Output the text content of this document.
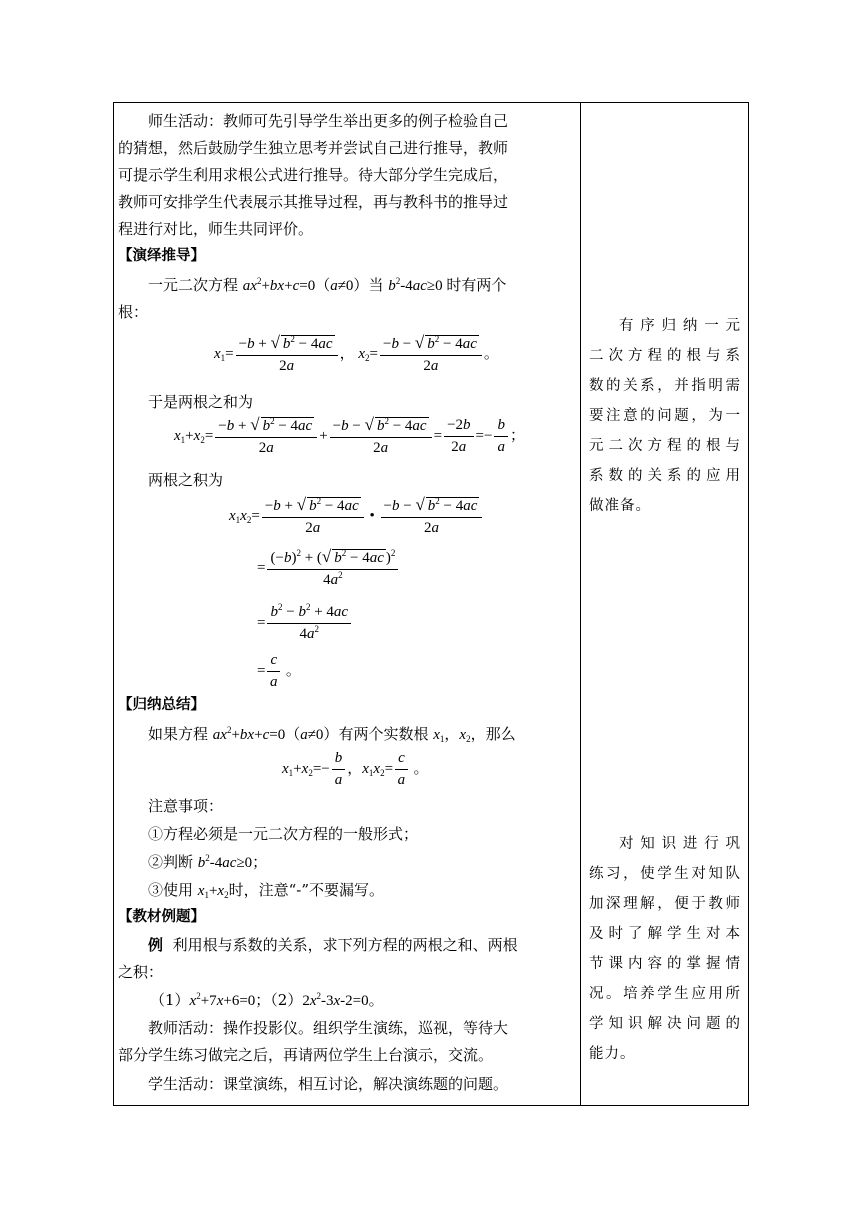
师生活动：教师可先引导学生举出更多的例子检验自己
的猜想，然后鼓励学生独立思考并尝试自己进行推导，教师
可提示学生利用求根公式进行推导。待大部分学生完成后，
教师可安排学生代表展示其推导过程，再与教科书的推导过
程进行对比，师生共同评价。
【演绎推导】
一元二次方程 $ax^2+bx+c=0(a\ne 0)$当 $b^2-4ac\ge 0$ 时有两个
根：
$x_1= \frac{-b + √ b^2 - 4ac}{2a}$ ， $x_2= \frac{-b - √ b^2 - 4ac}{2a}$ 。
于是两根之和为
$x_1+x_2= \frac{-b + √ b^2 - 4ac}{2a} + \frac{-b - √ b^2 - 4ac}{2a} = \frac{-2b}{2a} =- \frac{b}{a}$ ；
两根之积为
$x_1x_2= \frac{-b + √ b^2 - 4ac}{2a}$ • $\frac{-b - √ b^2 - 4ac}{2a}$
= $\frac{(-b)^2 + (√ b^2 - 4ac )^2}{4a^2}$
= $\frac{b^2 - b^2 + 4ac}{4a^2}$
= $\frac{c}{a}$ 。
【归纳总结】
如果方程 $ax^2+bx+c=0(a\ne 0)$有两个实数根 $x_1$，$x_2$，那么
$x_1+x_2=- \frac{b}{a}$ ，$x_1x_2= \frac{c}{a}$ 。
注意事项：
①方程必须是一元二次方程的一般形式；
②判断 $b^2-4ac\ge 0$；
③使用 $x_1+x_2$时，注意“-”不要漏写。
【教材例题】
例 利用根与系数的关系，求下列方程的两根之和、两根
之积：
$(1)x^2+7x+6=0$；$(2)2x^2-3x-2=0$。
教师活动：操作投影仪。组织学生演练，巡视，等待大
部分学生练习做完之后，再请两位学生上台演示，交流。
学生活动：课堂演练，相互讨论，解决演练题的问题。
有序归纳一元
二次方程的根与系
数的关系，并指明需
要注意的问题，为一
元二次方程的根与
系数的关系的应用
做准备。
对知识进行巩
练习，使学生对知队
加深理解，便于教师
及时了解学生对本
节课内容的掌握情
况。培养学生应用所
学知识解决问题的
能力。
